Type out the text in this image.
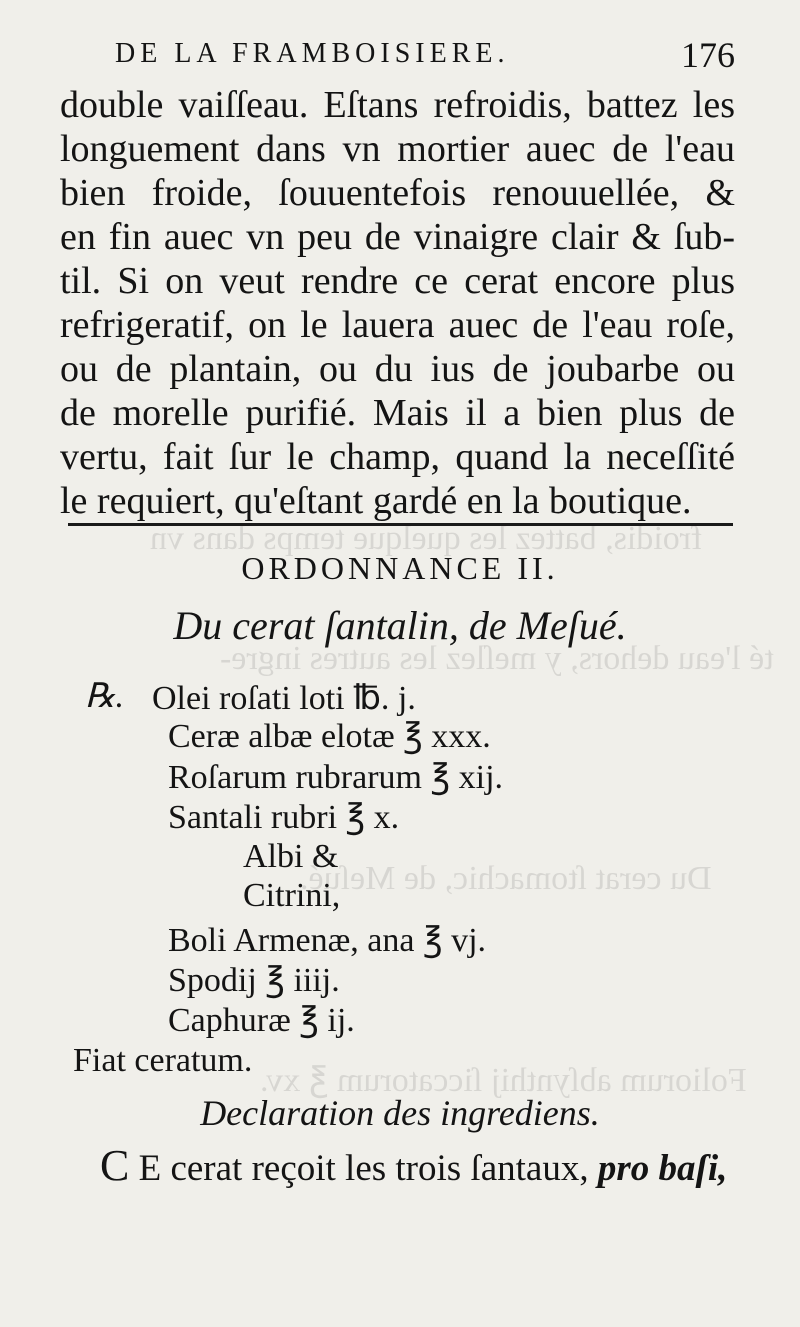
froidis, battez les quelque temps dans vn
té l'eau dehors, y meſlez les autres ingre-
Du cerat ſtomachic, de Meſué.
Foliorum abſynthij ſiccatorum ℥ xv.
DE LA FRAMBOISIERE.	176
double vaiſſeau. Eſtans refroidis, battez les
longuement dans vn mortier auec de l'eau
bien froide, ſouuentefois renouuellée, &
en fin auec vn peu de vinaigre clair & ſub-
til. Si on veut rendre ce cerat encore plus
refrigeratif, on le lauera auec de l'eau roſe,
ou de plantain, ou du ius de joubarbe ou
de morelle purifié. Mais il a bien plus de
vertu, fait ſur le champ, quand la neceſſité
le requiert, qu'eſtant gardé en la boutique.
ORDONNANCE II.
Du cerat ſantalin, de Meſué.
℞. Olei roſati loti ℔. j.
Ceræ albæ elotæ ℥ xxx.
Roſarum rubrarum ℥ xij.
Santali rubri ℥ x.
Albi &
Citrini,
Boli Armenæ, ana ℥ vj.
Spodij ℥ iiij.
Caphuræ ℥ ij.
Fiat ceratum.
Declaration des ingrediens.
C E cerat reçoit les trois ſantaux, pro baſi,
